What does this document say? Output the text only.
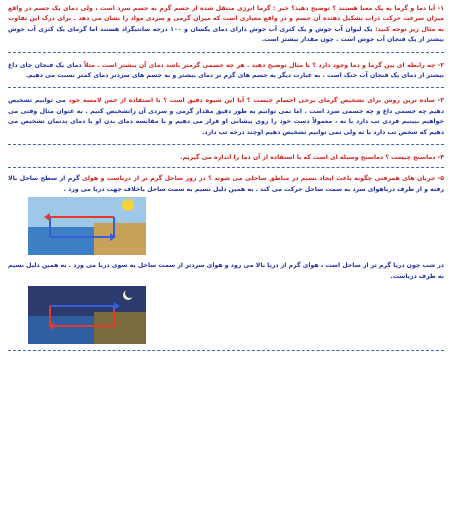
۱- آیا دما و گرما به یک معنا هستند ؟ توضیح دهید؟ خیر : گرما انرژی منتقل شده از جسم گرم به جسم سرد است ، ولی دمای یک جسم در واقع میزان سرعت حرکت ذرات تشکیل دهنده آن جسم و در واقع معیاری است که میزان گرمی و سردی مواد را نشان می دهد . برای درک این تفاوت به مثال زیر توجه کنید: یک لیوان آب جوش و یک کتری آب جوش دارای دمای یکسان و ۱۰۰ درجه سانتیگراد هستند اما گرمای یک کتری آب جوش بیشتر از یک فنجان آب جوش است . چون مقدار بیشتر است.

۲- چه رابطه ای بین گرما و دما وجود دارد ؟ با مثال توضیح دهید . هر چه جسمی گرمتر باشد دمای آن بیشتر است . مثلاً دمای یک فنجان چای داغ بیشتر از دمای یک فنجان آب خنک است . به عبارت دیگر به جسم های گرم تر دمای بیشتر و به جسم های سردتر دمای کمتر نسبت می دهیم.

۳- ساده ترین روش برای تشخیص گرمای برخی اجسام چیست ؟ آیا این شیوه دقیق است ؟ با استفاده از حس لامسه خود می توانیم تشخیص دهیم چه جسمی داغ و چه جسمی سرد است . اما نمی توانیم به طور دقیق مقدار گرمی و سردی آن راتشخیص کنیم . به عنوان مثال وقتی می خواهیم ببینیم فردی تب دارد یا نه ، معمولاً دست خود را روی پیشانی او قرار می دهیم و با مقایسه دمای بدن او با دمای بدنمان تشخیص می دهیم که شخص تب دارد یا نه ولی نمی توانیم تشخیص دهیم اوچند درجه تب دارد.

۴- دماسنج چیست ؟ دماسنج وسیله ای است که با استفاده از آن دما را اندازه می گیریم.

۵- جریان های همرفتی چگونه باعث ایجاد نسیم در مناطق ساحلی می شوند ؟ در روز ساحل گرم تر از دریاست و هوای گرم از سطح ساحل بالا رفته و از طرف دریاهوای سرد به سمت ساحل حرکت می کند . به همین دلیل نسیم به سمت ساحل باخلاف جهت دریا می وزد .

در شب چون دریا گرم تر از ساحل است ، هوای گرم از دریا بالا می رود و هوای سردتر از سمت ساحل به سوی دریا می وزد . به همین دلیل نسیم به طرف دریاست.
